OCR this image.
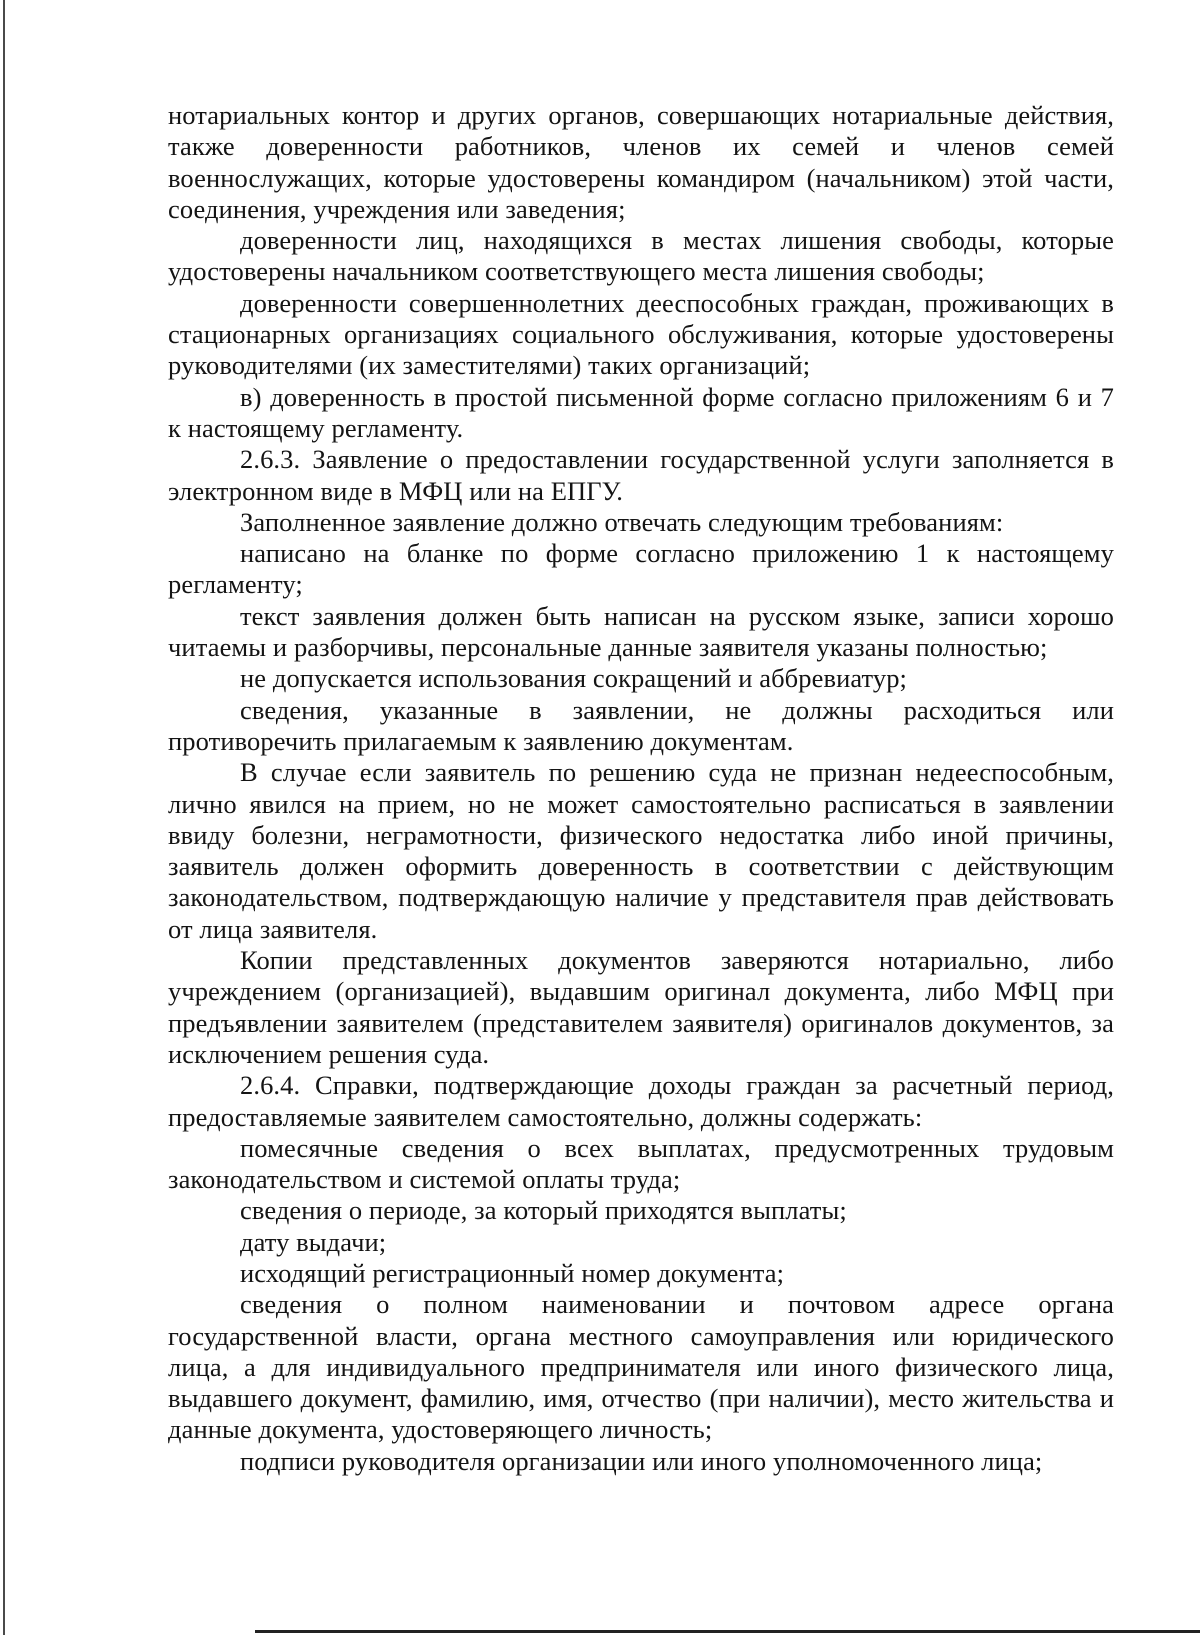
нотариальных контор и других органов, совершающих нотариальные действия, также доверенности работников, членов их семей и членов семей военнослужащих, которые удостоверены командиром (начальником) этой части, соединения, учреждения или заведения;

доверенности лиц, находящихся в местах лишения свободы, которые удостоверены начальником соответствующего места лишения свободы;

доверенности совершеннолетних дееспособных граждан, проживающих в стационарных организациях социального обслуживания, которые удостоверены руководителями (их заместителями) таких организаций;

в) доверенность в простой письменной форме согласно приложениям 6 и 7 к настоящему регламенту.

2.6.3. Заявление о предоставлении государственной услуги заполняется в электронном виде в МФЦ или на ЕПГУ.

Заполненное заявление должно отвечать следующим требованиям:

написано на бланке по форме согласно приложению 1 к настоящему регламенту;

текст заявления должен быть написан на русском языке, записи хорошо читаемы и разборчивы, персональные данные заявителя указаны полностью;

не допускается использования сокращений и аббревиатур;

сведения, указанные в заявлении, не должны расходиться или противоречить прилагаемым к заявлению документам.

В случае если заявитель по решению суда не признан недееспособным, лично явился на прием, но не может самостоятельно расписаться в заявлении ввиду болезни, неграмотности, физического недостатка либо иной причины, заявитель должен оформить доверенность в соответствии с действующим законодательством, подтверждающую наличие у представителя прав действовать от лица заявителя.

Копии представленных документов заверяются нотариально, либо учреждением (организацией), выдавшим оригинал документа, либо МФЦ при предъявлении заявителем (представителем заявителя) оригиналов документов, за исключением решения суда.

2.6.4. Справки, подтверждающие доходы граждан за расчетный период, предоставляемые заявителем самостоятельно, должны содержать:

помесячные сведения о всех выплатах, предусмотренных трудовым законодательством и системой оплаты труда;

сведения о периоде, за который приходятся выплаты;

дату выдачи;

исходящий регистрационный номер документа;

сведения о полном наименовании и почтовом адресе органа государственной власти, органа местного самоуправления или юридического лица, а для индивидуального предпринимателя или иного физического лица, выдавшего документ, фамилию, имя, отчество (при наличии), место жительства и данные документа, удостоверяющего личность;

подписи руководителя организации или иного уполномоченного лица;
